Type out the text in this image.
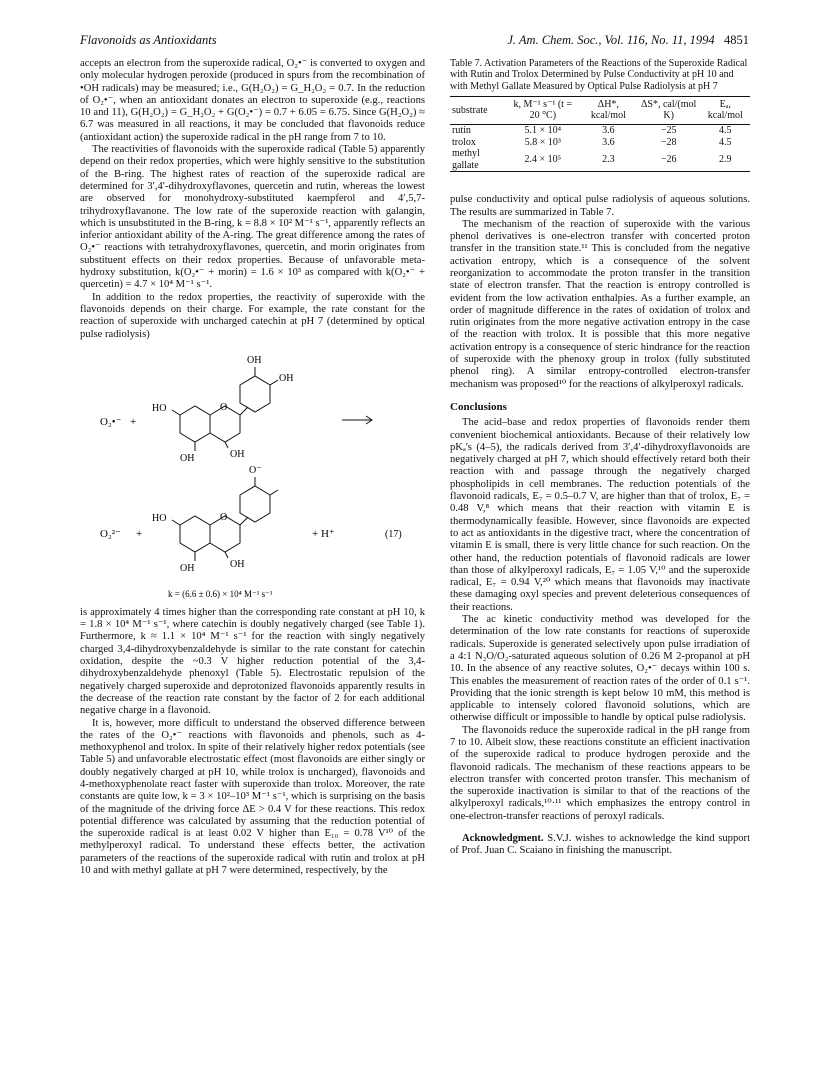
Flavonoids as Antioxidants	J. Am. Chem. Soc., Vol. 116, No. 11, 1994 4851

accepts an electron from the superoxide radical, O₂•⁻ is converted to oxygen and only molecular hydrogen peroxide (produced in spurs from the recombination of •OH radicals) may be measured; i.e., G(H₂O₂) = G_H₂O₂ = 0.7. In the reduction of O₂•⁻, when an antioxidant donates an electron to superoxide (e.g., reactions 10 and 11), G(H₂O₂) = G_H₂O₂ + G(O₂•⁻) = 0.7 + 6.05 = 6.75. Since G(H₂O₂) ≈ 6.7 was measured in all reactions, it may be concluded that flavonoids reduce (antioxidant action) the superoxide radical in the pH range from 7 to 10.

The reactivities of flavonoids with the superoxide radical (Table 5) apparently depend on their redox properties, which were highly sensitive to the substitution of the B-ring. The highest rates of reaction of the superoxide radical are determined for 3′,4′-dihydroxyflavones, quercetin and rutin, whereas the lowest are observed for monohydroxy-substituted kaempferol and 4′,5,7-trihydroxyflavanone. The low rate of the superoxide reaction with galangin, which is unsubstituted in the B-ring, k = 8.8 × 10² M⁻¹ s⁻¹, apparently reflects an inferior antioxidant ability of the A-ring. The great difference among the rates of O₂•⁻ reactions with tetrahydroxyflavones, quercetin, and morin originates from substituent effects on their redox properties. Because of unfavorable meta-hydroxy substitution, k(O₂•⁻ + morin) = 1.6 × 10³ as compared with k(O₂•⁻ + quercetin) = 4.7 × 10⁴ M⁻¹ s⁻¹.

In addition to the redox properties, the reactivity of superoxide with the flavonoids depends on their charge. For example, the rate constant for the reaction of superoxide with uncharged catechin at pH 7 (determined by optical pulse radiolysis)

O₂•⁻ +
OH
OH
HO
OH
OH
O
O⁻
HO
OH
OH
O
O₂²⁻ +	+ H⁺	(17)
k = (6.6 ± 0.6) × 10⁴ M⁻¹ s⁻¹

is approximately 4 times higher than the corresponding rate constant at pH 10, k = 1.8 × 10⁴ M⁻¹ s⁻¹, where catechin is doubly negatively charged (see Table 1). Furthermore, k ≈ 1.1 × 10⁴ M⁻¹ s⁻¹ for the reaction with singly negatively charged 3,4-dihydroxybenzaldehyde is similar to the rate constant for catechin oxidation, despite the ~0.3 V higher reduction potential of the 3,4-dihydroxybenzaldehyde phenoxyl (Table 5). Electrostatic repulsion of the negatively charged superoxide and deprotonized flavonoids apparently results in the decrease of the reaction rate constant by the factor of 2 for each additional negative charge in a flavonoid.

It is, however, more difficult to understand the observed difference between the rates of the O₂•⁻ reactions with flavonoids and phenols, such as 4-methoxyphenol and trolox. In spite of their relatively higher redox potentials (see Table 5) and unfavorable electrostatic effect (most flavonoids are either singly or doubly negatively charged at pH 10, while trolox is uncharged), flavonoids and 4-methoxyphenolate react faster with superoxide than trolox. Moreover, the rate constants are quite low, k = 3 × 10²–10³ M⁻¹ s⁻¹, which is surprising on the basis of the magnitude of the driving force ΔE > 0.4 V for these reactions. This redox potential difference was calculated by assuming that the reduction potential of the superoxide radical is at least 0.02 V higher than E₁₀ = 0.78 V¹⁰ of the methylperoxyl radical. To understand these effects better, the activation parameters of the reactions of the superoxide radical with rutin and trolox at pH 10 and with methyl gallate at pH 7 were determined, respectively, by the

Table 7. Activation Parameters of the Reactions of the Superoxide Radical with Rutin and Trolox Determined by Pulse Conductivity at pH 10 and with Methyl Gallate Measured by Optical Pulse Radiolysis at pH 7
substrate	k, M⁻¹ s⁻¹ (t = 20 °C)	ΔH*, kcal/mol	ΔS*, cal/(mol K)	Eₐ, kcal/mol

rutin	5.1 × 10⁴	3.6	−25	4.5
trolox	5.8 × 10³	3.6	−28	4.5
methyl gallate	2.4 × 10⁵	2.3	−26	2.9

pulse conductivity and optical pulse radiolysis of aqueous solutions. The results are summarized in Table 7.

The mechanism of the reaction of superoxide with the various phenol derivatives is one-electron transfer with concerted proton transfer in the transition state.¹¹ This is concluded from the negative activation entropy, which is a consequence of the solvent reorganization to accommodate the proton transfer in the transition state of electron transfer. That the reaction is entropy controlled is evident from the low activation enthalpies. As a further example, an order of magnitude difference in the rates of oxidation of trolox and rutin originates from the more negative activation entropy in the case of the reaction with trolox. It is possible that this more negative activation entropy is a consequence of steric hindrance for the reaction of superoxide with the phenoxy group in trolox (fully substituted phenol ring). A similar entropy-controlled electron-transfer mechanism was proposed¹⁰ for the reactions of alkylperoxyl radicals.

Conclusions

The acid–base and redox properties of flavonoids render them convenient biochemical antioxidants. Because of their relatively low pKₐ's (4–5), the radicals derived from 3′,4′-dihydroxyflavonoids are negatively charged at pH 7, which should effectively retard both their reaction with and passage through the negatively charged phospholipids in cell membranes. The reduction potentials of the flavonoid radicals, E₇ = 0.5–0.7 V, are higher than that of trolox, E₇ = 0.48 V,⁸ which means that their reaction with vitamin E is thermodynamically feasible. However, since flavonoids are expected to act as antioxidants in the digestive tract, where the concentration of vitamin E is small, there is very little chance for such reaction. On the other hand, the reduction potentials of flavonoid radicals are lower than those of alkylperoxyl radicals, E₇ = 1.05 V,¹⁰ and the superoxide radical, E₇ = 0.94 V,²⁰ which means that flavonoids may inactivate these damaging oxyl species and prevent deleterious consequences of their reactions.

The ac kinetic conductivity method was developed for the determination of the low rate constants for reactions of superoxide radicals. Superoxide is generated selectively upon pulse irradiation of a 4:1 N₂O/O₂-saturated aqueous solution of 0.26 M 2-propanol at pH 10. In the absence of any reactive solutes, O₂•⁻ decays within 100 s. This enables the measurement of reaction rates of the order of 0.1 s⁻¹. Providing that the ionic strength is kept below 10 mM, this method is applicable to intensely colored flavonoid solutions, which are otherwise difficult or impossible to handle by optical pulse radiolysis.

The flavonoids reduce the superoxide radical in the pH range from 7 to 10. Albeit slow, these reactions constitute an efficient inactivation of the superoxide radical to produce hydrogen peroxide and the flavonoid radicals. The mechanism of these reactions appears to be electron transfer with concerted proton transfer. This mechanism of the superoxide inactivation is similar to that of the reactions of the alkylperoxyl radicals,¹⁰·¹¹ which emphasizes the entropy control in one-electron-transfer reactions of peroxyl radicals.

Acknowledgment. S.V.J. wishes to acknowledge the kind support of Prof. Juan C. Scaiano in finishing the manuscript.
